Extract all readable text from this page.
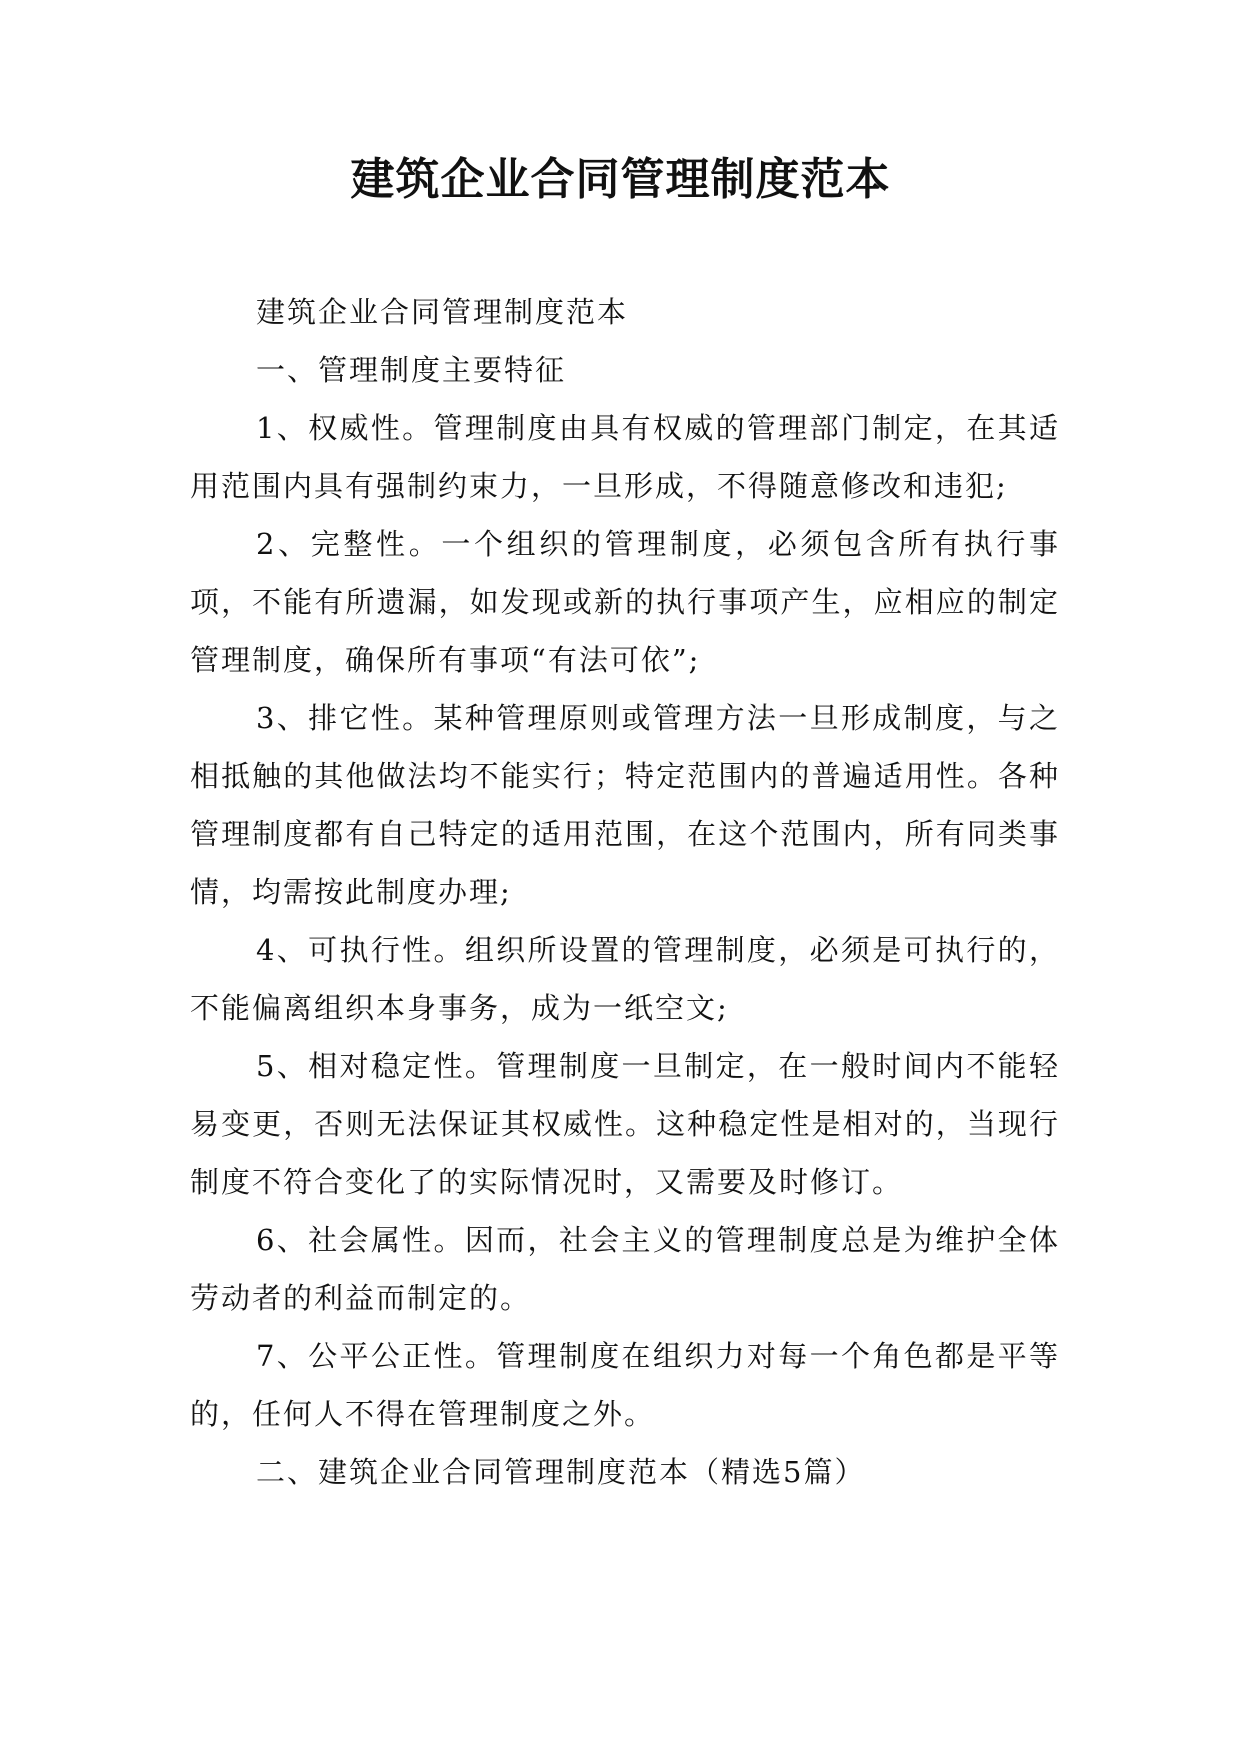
建筑企业合同管理制度范本

建筑企业合同管理制度范本

一、管理制度主要特征

1、权威性。管理制度由具有权威的管理部门制定，在其适用范围内具有强制约束力，一旦形成，不得随意修改和违犯;

2、完整性。一个组织的管理制度，必须包含所有执行事项，不能有所遗漏，如发现或新的执行事项产生，应相应的制定管理制度，确保所有事项“有法可依”;

3、排它性。某种管理原则或管理方法一旦形成制度，与之相抵触的其他做法均不能实行；特定范围内的普遍适用性。各种管理制度都有自己特定的适用范围，在这个范围内，所有同类事情，均需按此制度办理;

4、可执行性。组织所设置的管理制度，必须是可执行的，不能偏离组织本身事务，成为一纸空文;

5、相对稳定性。管理制度一旦制定，在一般时间内不能轻易变更，否则无法保证其权威性。这种稳定性是相对的，当现行制度不符合变化了的实际情况时，又需要及时修订。

6、社会属性。因而，社会主义的管理制度总是为维护全体劳动者的利益而制定的。

7、公平公正性。管理制度在组织力对每一个角色都是平等的，任何人不得在管理制度之外。

二、建筑企业合同管理制度范本（精选5篇）
